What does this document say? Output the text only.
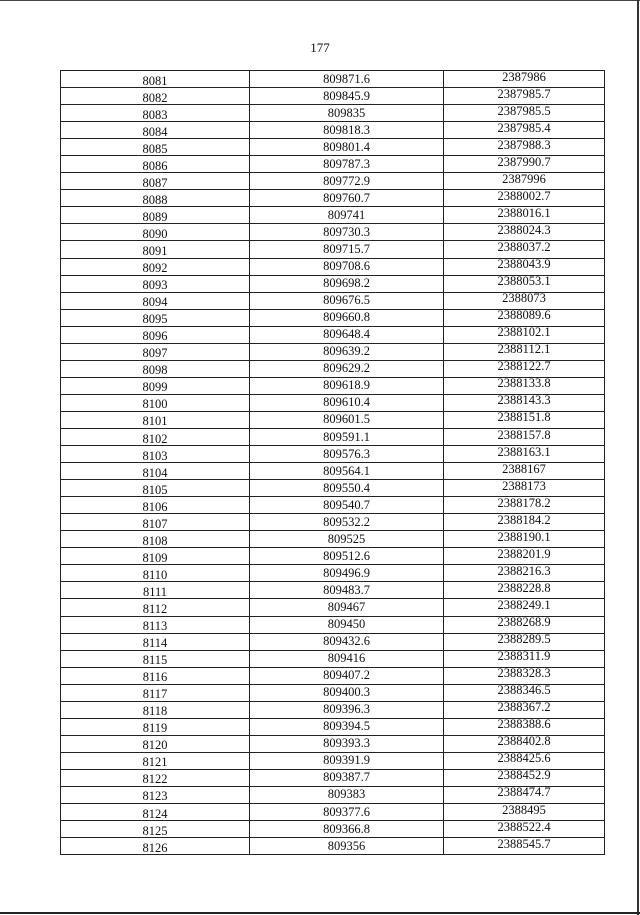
177
8081	809871.6	2387986
8082	809845.9	2387985.7
8083	809835	2387985.5
8084	809818.3	2387985.4
8085	809801.4	2387988.3
8086	809787.3	2387990.7
8087	809772.9	2387996
8088	809760.7	2388002.7
8089	809741	2388016.1
8090	809730.3	2388024.3
8091	809715.7	2388037.2
8092	809708.6	2388043.9
8093	809698.2	2388053.1
8094	809676.5	2388073
8095	809660.8	2388089.6
8096	809648.4	2388102.1
8097	809639.2	2388112.1
8098	809629.2	2388122.7
8099	809618.9	2388133.8
8100	809610.4	2388143.3
8101	809601.5	2388151.8
8102	809591.1	2388157.8
8103	809576.3	2388163.1
8104	809564.1	2388167
8105	809550.4	2388173
8106	809540.7	2388178.2
8107	809532.2	2388184.2
8108	809525	2388190.1
8109	809512.6	2388201.9
8110	809496.9	2388216.3
8111	809483.7	2388228.8
8112	809467	2388249.1
8113	809450	2388268.9
8114	809432.6	2388289.5
8115	809416	2388311.9
8116	809407.2	2388328.3
8117	809400.3	2388346.5
8118	809396.3	2388367.2
8119	809394.5	2388388.6
8120	809393.3	2388402.8
8121	809391.9	2388425.6
8122	809387.7	2388452.9
8123	809383	2388474.7
8124	809377.6	2388495
8125	809366.8	2388522.4
8126	809356	2388545.7
